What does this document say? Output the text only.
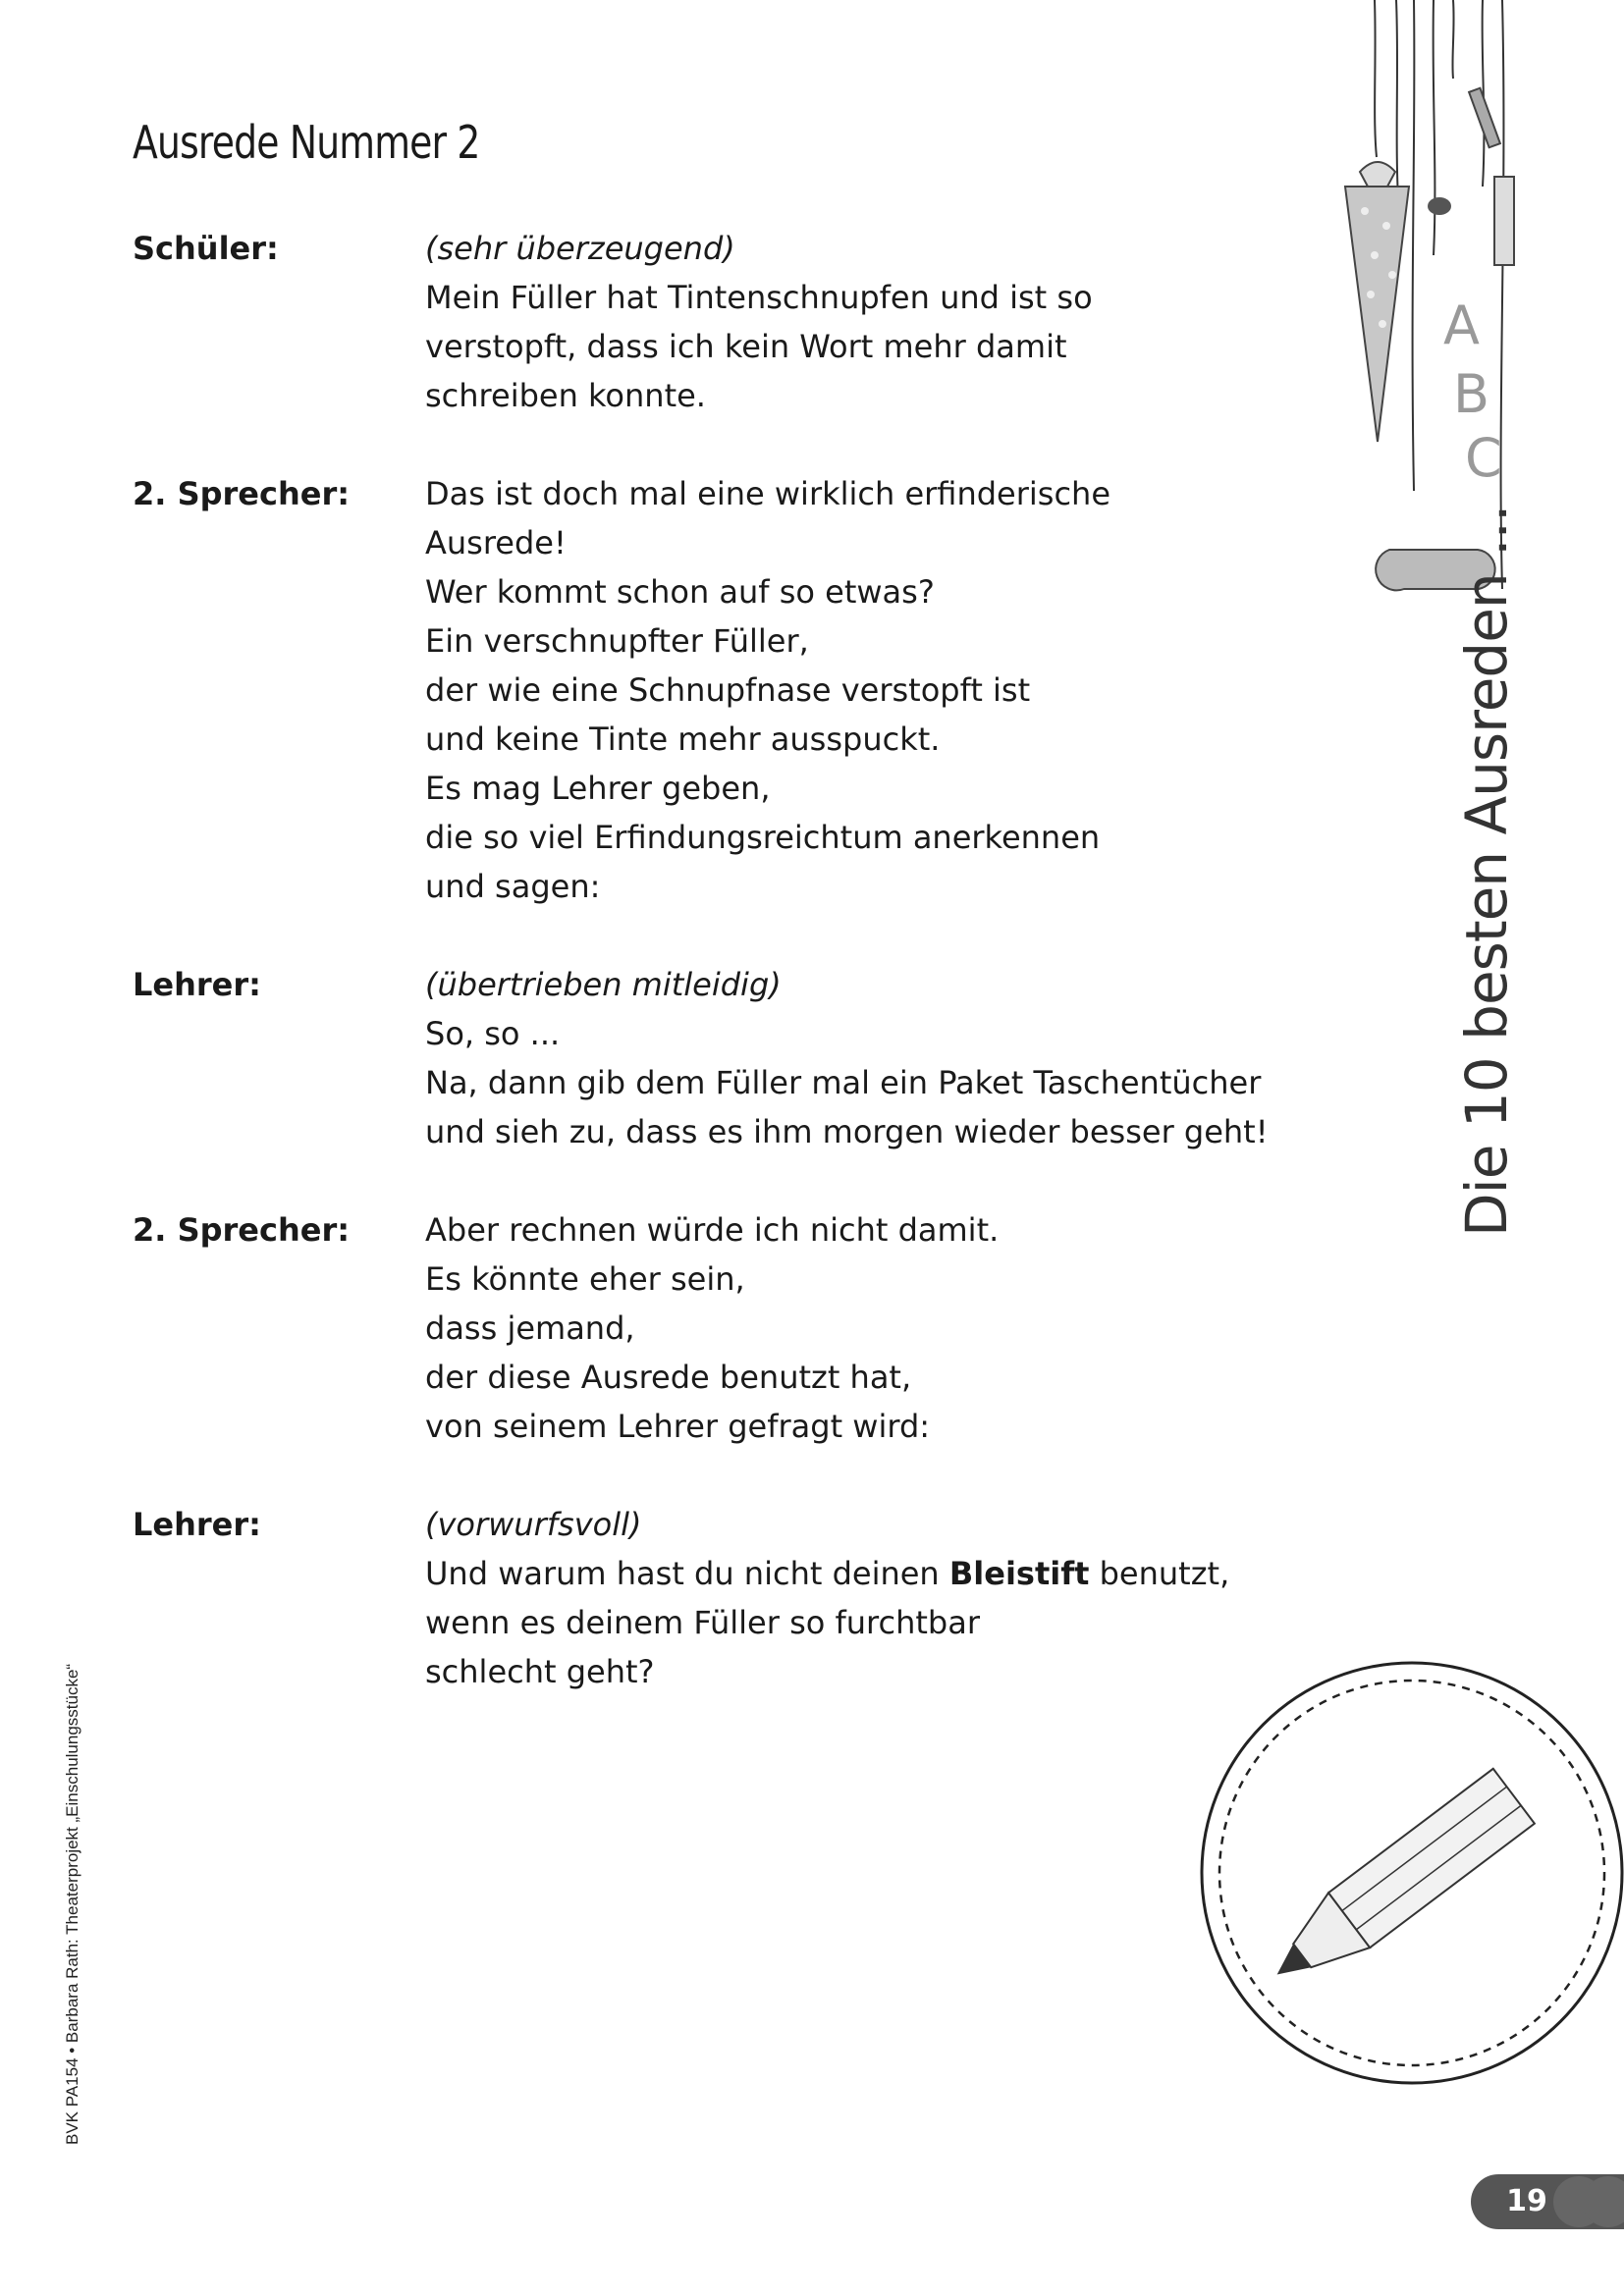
Ausrede Nummer 2
Schüler:	(sehr überzeugend)
Mein Füller hat Tintenschnupfen und ist so
verstopft, dass ich kein Wort mehr damit
schreiben konnte.
2. Sprecher:	Das ist doch mal eine wirklich erfinderische
Ausrede!
Wer kommt schon auf so etwas?
Ein verschnupfter Füller,
der wie eine Schnupfnase verstopft ist
und keine Tinte mehr ausspuckt.
Es mag Lehrer geben,
die so viel Erfindungsreichtum anerkennen
und sagen:
Lehrer:	(übertrieben mitleidig)
So, so ...
Na, dann gib dem Füller mal ein Paket Taschentücher
und sieh zu, dass es ihm morgen wieder besser geht!
2. Sprecher:	Aber rechnen würde ich nicht damit.
Es könnte eher sein,
dass jemand,
der diese Ausrede benutzt hat,
von seinem Lehrer gefragt wird:
Lehrer:	(vorwurfsvoll)
Und warum hast du nicht deinen Bleistift benutzt,
wenn es deinem Füller so furchtbar
schlecht geht?
A
B
C
Die 10 besten Ausreden ...
BVK PA154 • Barbara Rath: Theaterprojekt „Einschulungsstücke“
19
